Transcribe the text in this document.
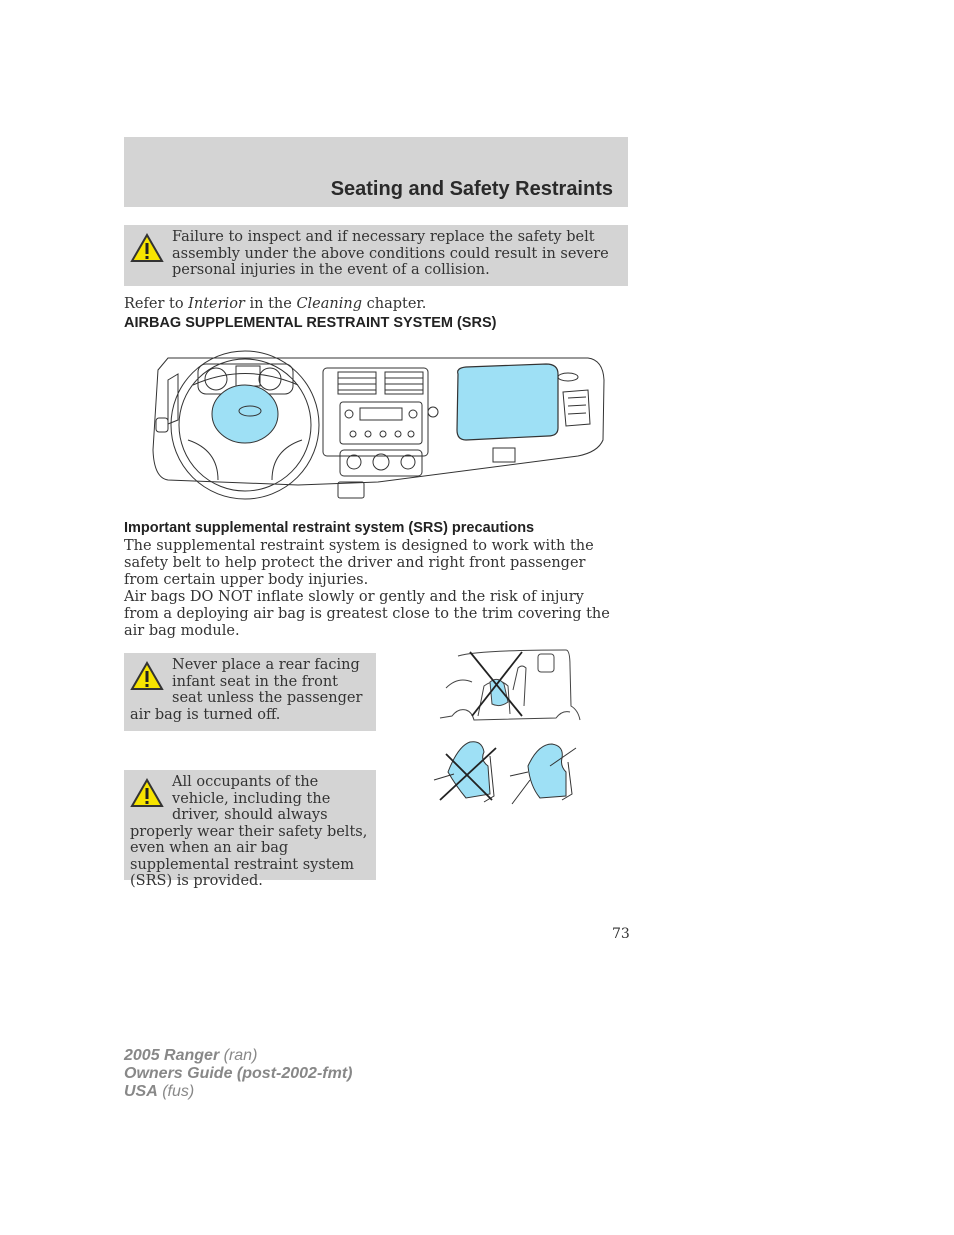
Seating and Safety Restraints
Failure to inspect and if necessary replace the safety belt assembly under the above conditions could result in severe personal injuries in the event of a collision.
Refer to Interior in the Cleaning chapter.
AIRBAG SUPPLEMENTAL RESTRAINT SYSTEM (SRS)
Important supplemental restraint system (SRS) precautions
The supplemental restraint system is designed to work with the safety belt to help protect the driver and right front passenger from certain upper body injuries.
Air bags DO NOT inflate slowly or gently and the risk of injury from a deploying air bag is greatest close to the trim covering the air bag module.
Never place a rear facing infant seat in the front seat unless the passenger air bag is turned off.
All occupants of the vehicle, including the driver, should always properly wear their safety belts, even when an air bag supplemental restraint system (SRS) is provided.
73
2005 Ranger (ran)
Owners Guide (post-2002-fmt)
USA (fus)
